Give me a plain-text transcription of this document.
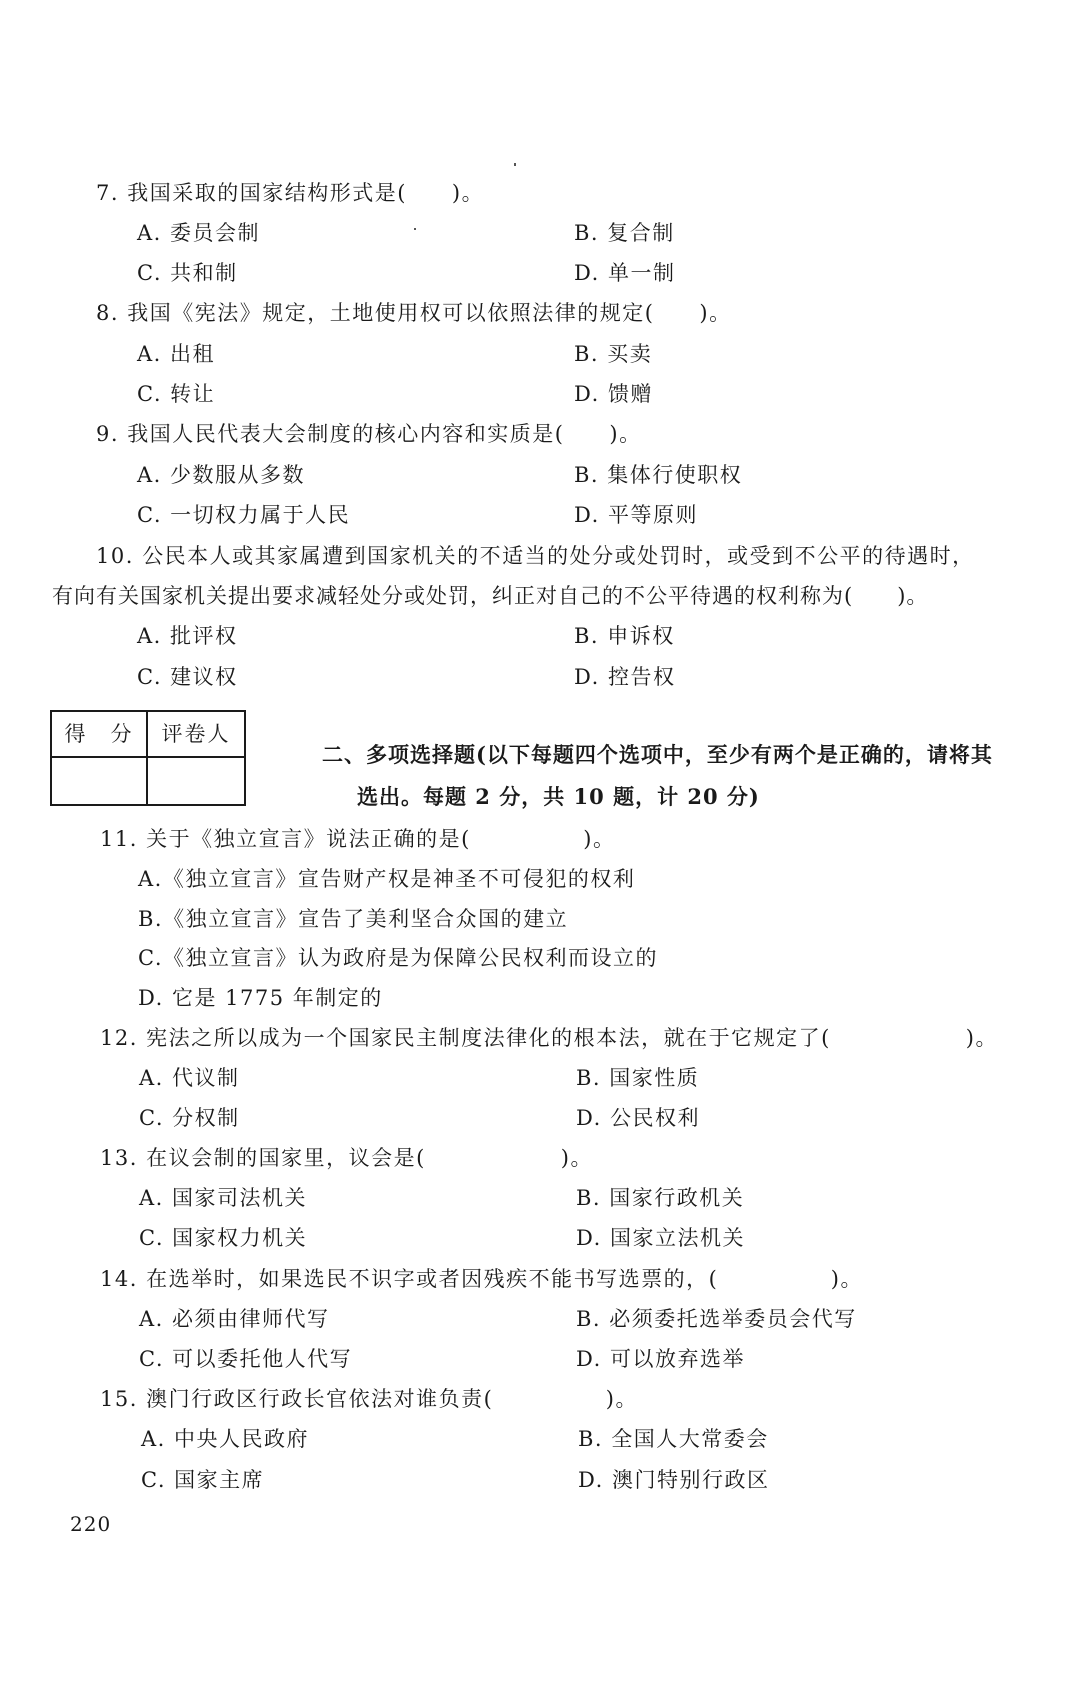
7. 我国采取的国家结构形式是(　　)。
A. 委员会制	B. 复合制
C. 共和制	D. 单一制
8. 我国《宪法》规定，土地使用权可以依照法律的规定(　　)。
A. 出租	B. 买卖
C. 转让	D. 馈赠
9. 我国人民代表大会制度的核心内容和实质是(　　)。
A. 少数服从多数	B. 集体行使职权
C. 一切权力属于人民	D. 平等原则
10. 公民本人或其家属遭到国家机关的不适当的处分或处罚时，或受到不公平的待遇时，
有向有关国家机关提出要求减轻处分或处罚，纠正对自己的不公平待遇的权利称为(　　)。
A. 批评权	B. 申诉权
C. 建议权	D. 控告权
得　分	评卷人
二、多项选择题(以下每题四个选项中，至少有两个是正确的，请将其
选出。每题 2 分，共 10 题，计 20 分)
11. 关于《独立宣言》说法正确的是(　　　　　)。
A.《独立宣言》宣告财产权是神圣不可侵犯的权利
B.《独立宣言》宣告了美利坚合众国的建立
C.《独立宣言》认为政府是为保障公民权利而设立的
D. 它是 1775 年制定的
12. 宪法之所以成为一个国家民主制度法律化的根本法，就在于它规定了(　　　　　　)。
A. 代议制	B. 国家性质
C. 分权制	D. 公民权利
13. 在议会制的国家里，议会是(　　　　　　)。
A. 国家司法机关	B. 国家行政机关
C. 国家权力机关	D. 国家立法机关
14. 在选举时，如果选民不识字或者因残疾不能书写选票的，(　　　　　)。
A. 必须由律师代写	B. 必须委托选举委员会代写
C. 可以委托他人代写	D. 可以放弃选举
15. 澳门行政区行政长官依法对谁负责(　　　　　)。
A. 中央人民政府	B. 全国人大常委会
C. 国家主席	D. 澳门特别行政区
220
